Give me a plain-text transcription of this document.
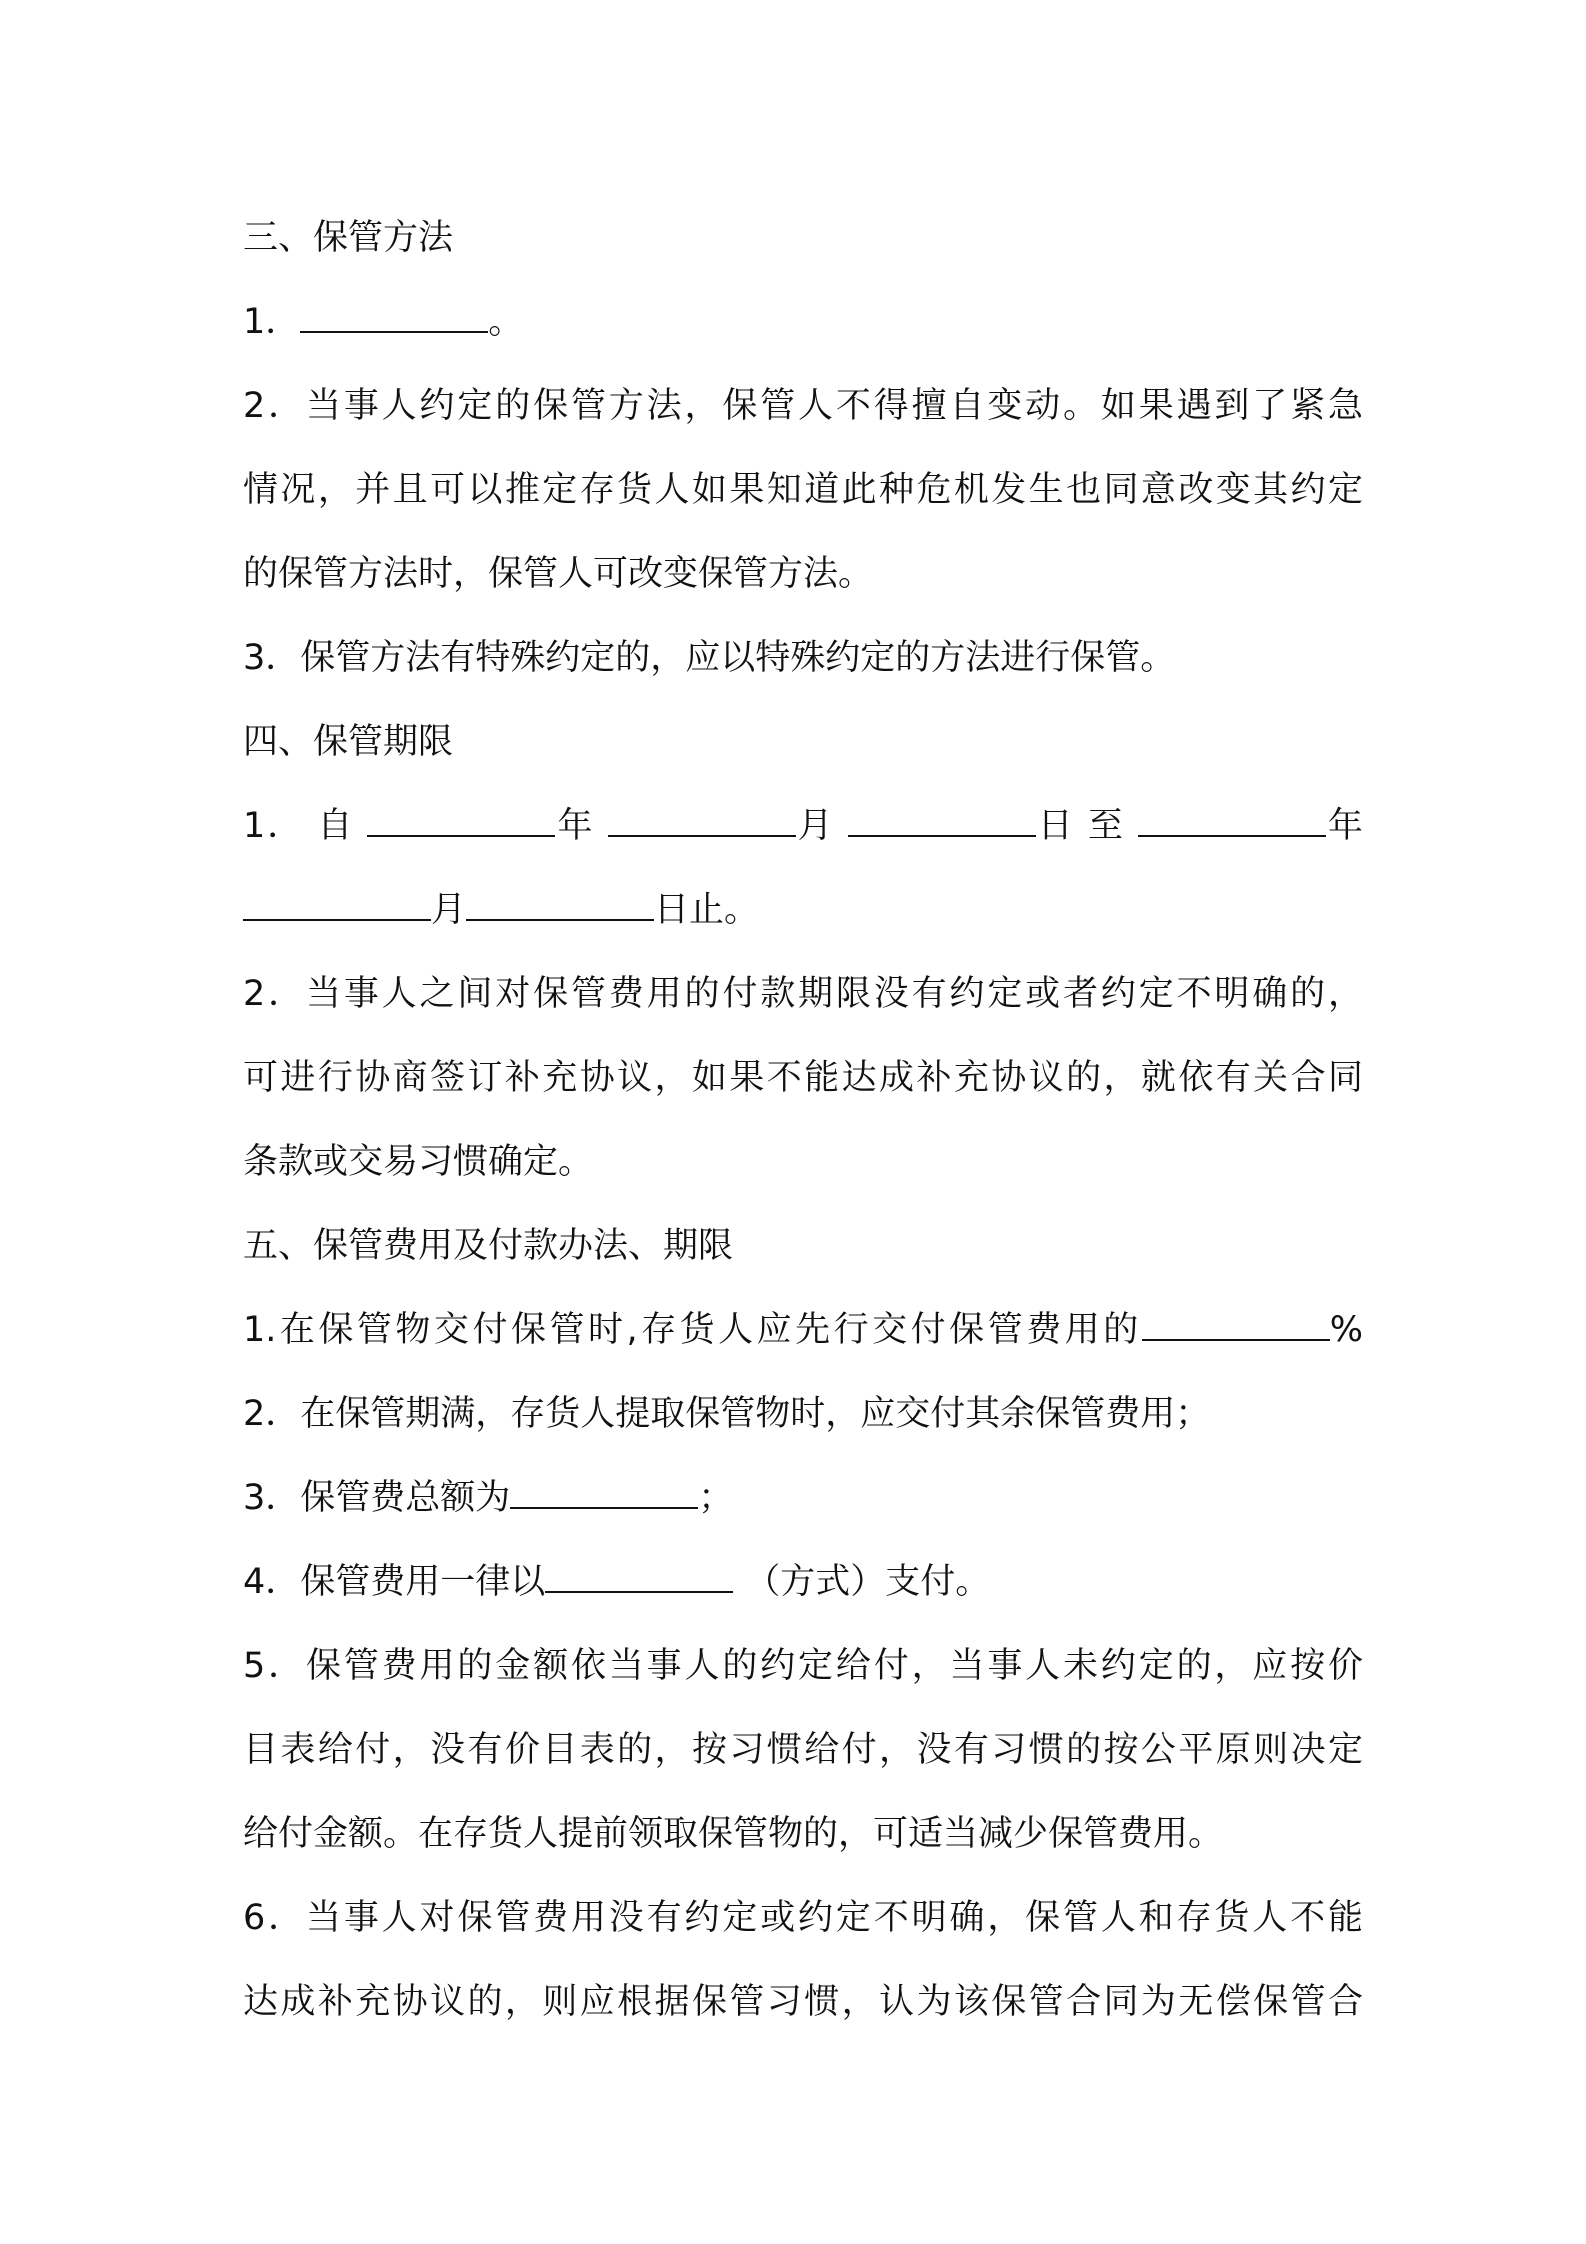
三、保管方法
1．	。
2．当事人约定的保管方法，保管人不得擅自变动。如果遇到了紧急
情况，并且可以推定存货人如果知道此种危机发生也同意改变其约定
的保管方法时，保管人可改变保管方法。
3．保管方法有特殊约定的，应以特殊约定的方法进行保管。
四、保管期限
1． 自	年	月	日 至	年
月	日止。
2．当事人之间对保管费用的付款期限没有约定或者约定不明确的，
可进行协商签订补充协议，如果不能达成补充协议的，就依有关合同
条款或交易习惯确定。
五、保管费用及付款办法、期限
1.在保管物交付保管时,存货人应先行交付保管费用的	%
2．在保管期满，存货人提取保管物时，应交付其余保管费用；
3．保管费总额为	；
4．保管费用一律以	（方式）支付。
5．保管费用的金额依当事人的约定给付，当事人未约定的，应按价
目表给付，没有价目表的，按习惯给付，没有习惯的按公平原则决定
给付金额。在存货人提前领取保管物的，可适当减少保管费用。
6．当事人对保管费用没有约定或约定不明确，保管人和存货人不能
达成补充协议的，则应根据保管习惯，认为该保管合同为无偿保管合
